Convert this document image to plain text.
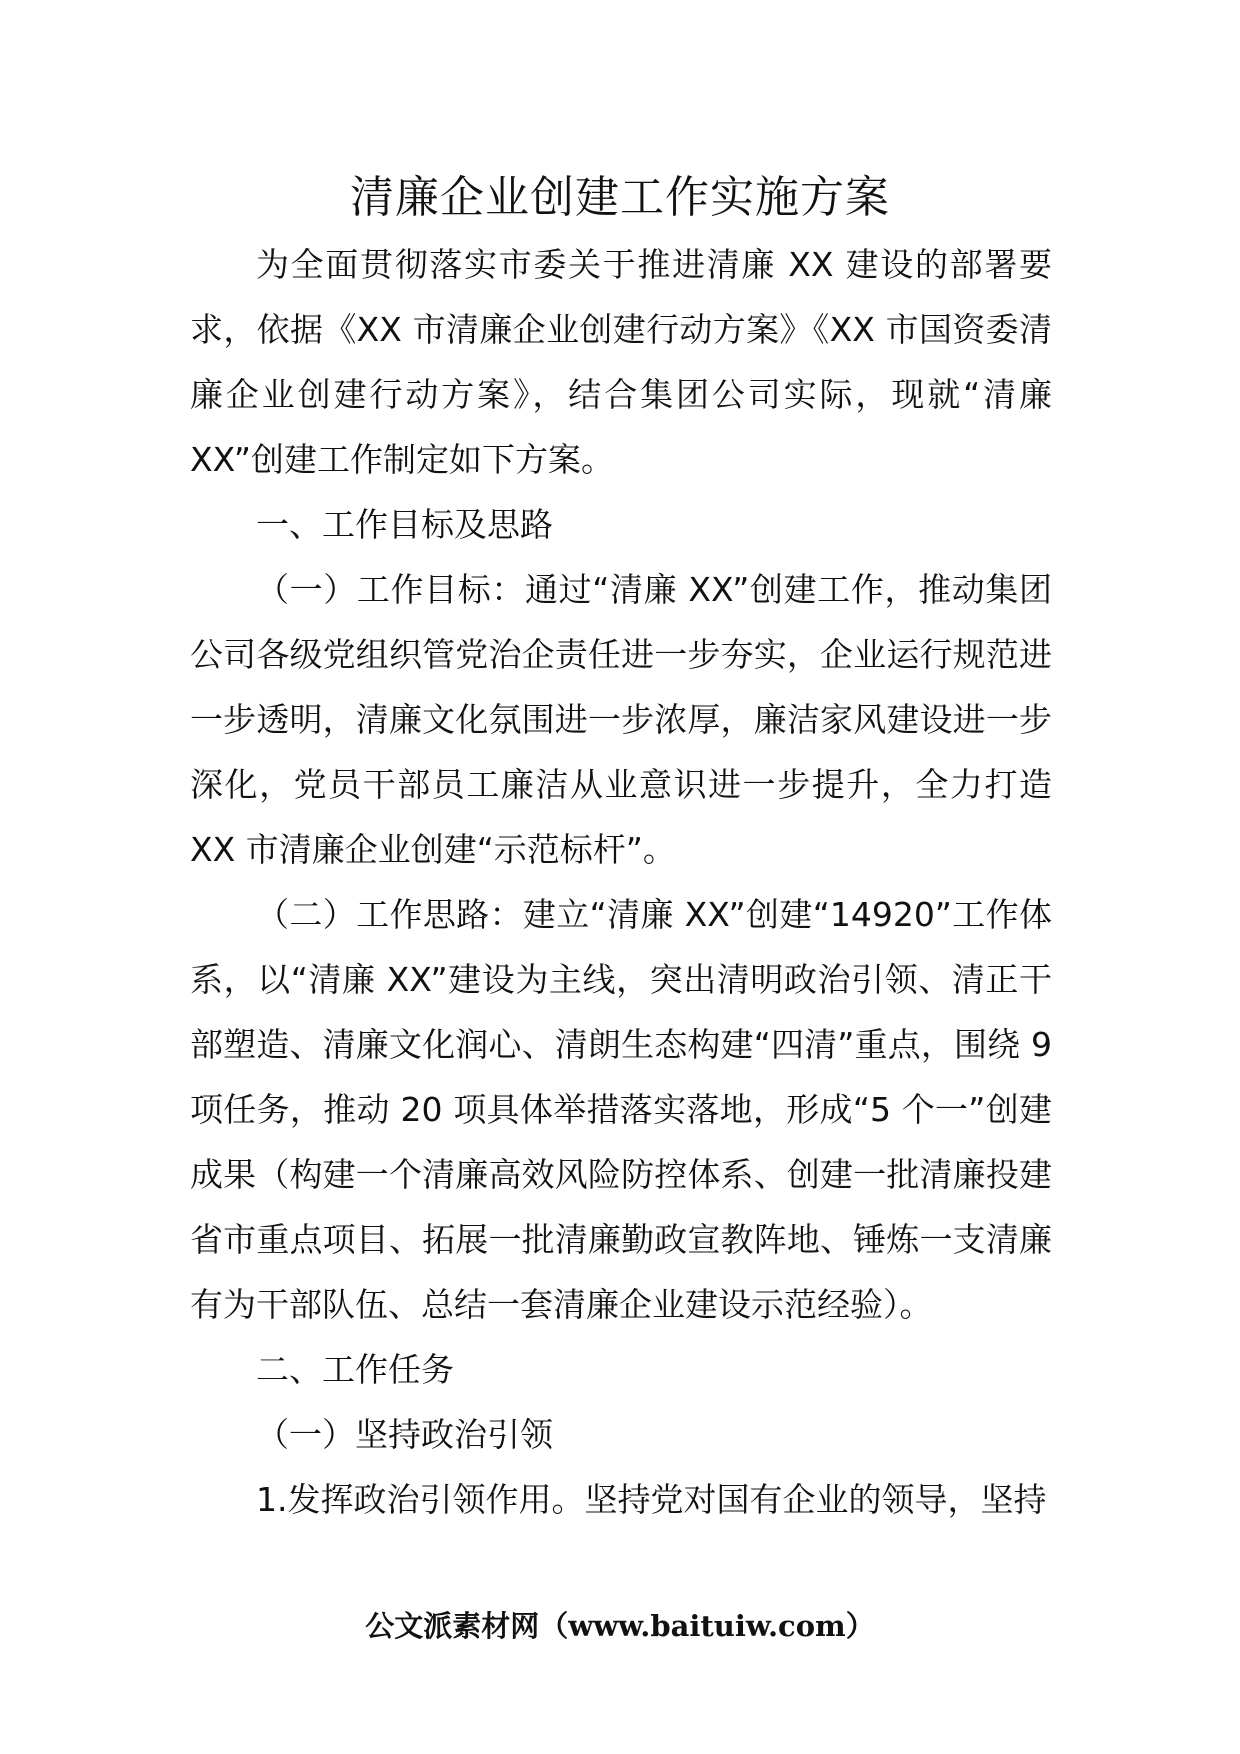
清廉企业创建工作实施方案

为全面贯彻落实市委关于推进清廉 XX 建设的部署要求，依据《XX 市清廉企业创建行动方案》《XX 市国资委清廉企业创建行动方案》，结合集团公司实际，现就“清廉 XX”创建工作制定如下方案。

一、工作目标及思路

（一）工作目标：通过“清廉 XX”创建工作，推动集团公司各级党组织管党治企责任进一步夯实，企业运行规范进一步透明，清廉文化氛围进一步浓厚，廉洁家风建设进一步深化，党员干部员工廉洁从业意识进一步提升，全力打造 XX 市清廉企业创建“示范标杆”。

（二）工作思路：建立“清廉 XX”创建“14920”工作体系，以“清廉 XX”建设为主线，突出清明政治引领、清正干部塑造、清廉文化润心、清朗生态构建“四清”重点，围绕 9 项任务，推动 20 项具体举措落实落地，形成“5 个一”创建成果（构建一个清廉高效风险防控体系、创建一批清廉投建省市重点项目、拓展一批清廉勤政宣教阵地、锤炼一支清廉有为干部队伍、总结一套清廉企业建设示范经验）。

二、工作任务

（一）坚持政治引领

1.发挥政治引领作用。坚持党对国有企业的领导，坚持

公文派素材网（www.baituiw.com）
